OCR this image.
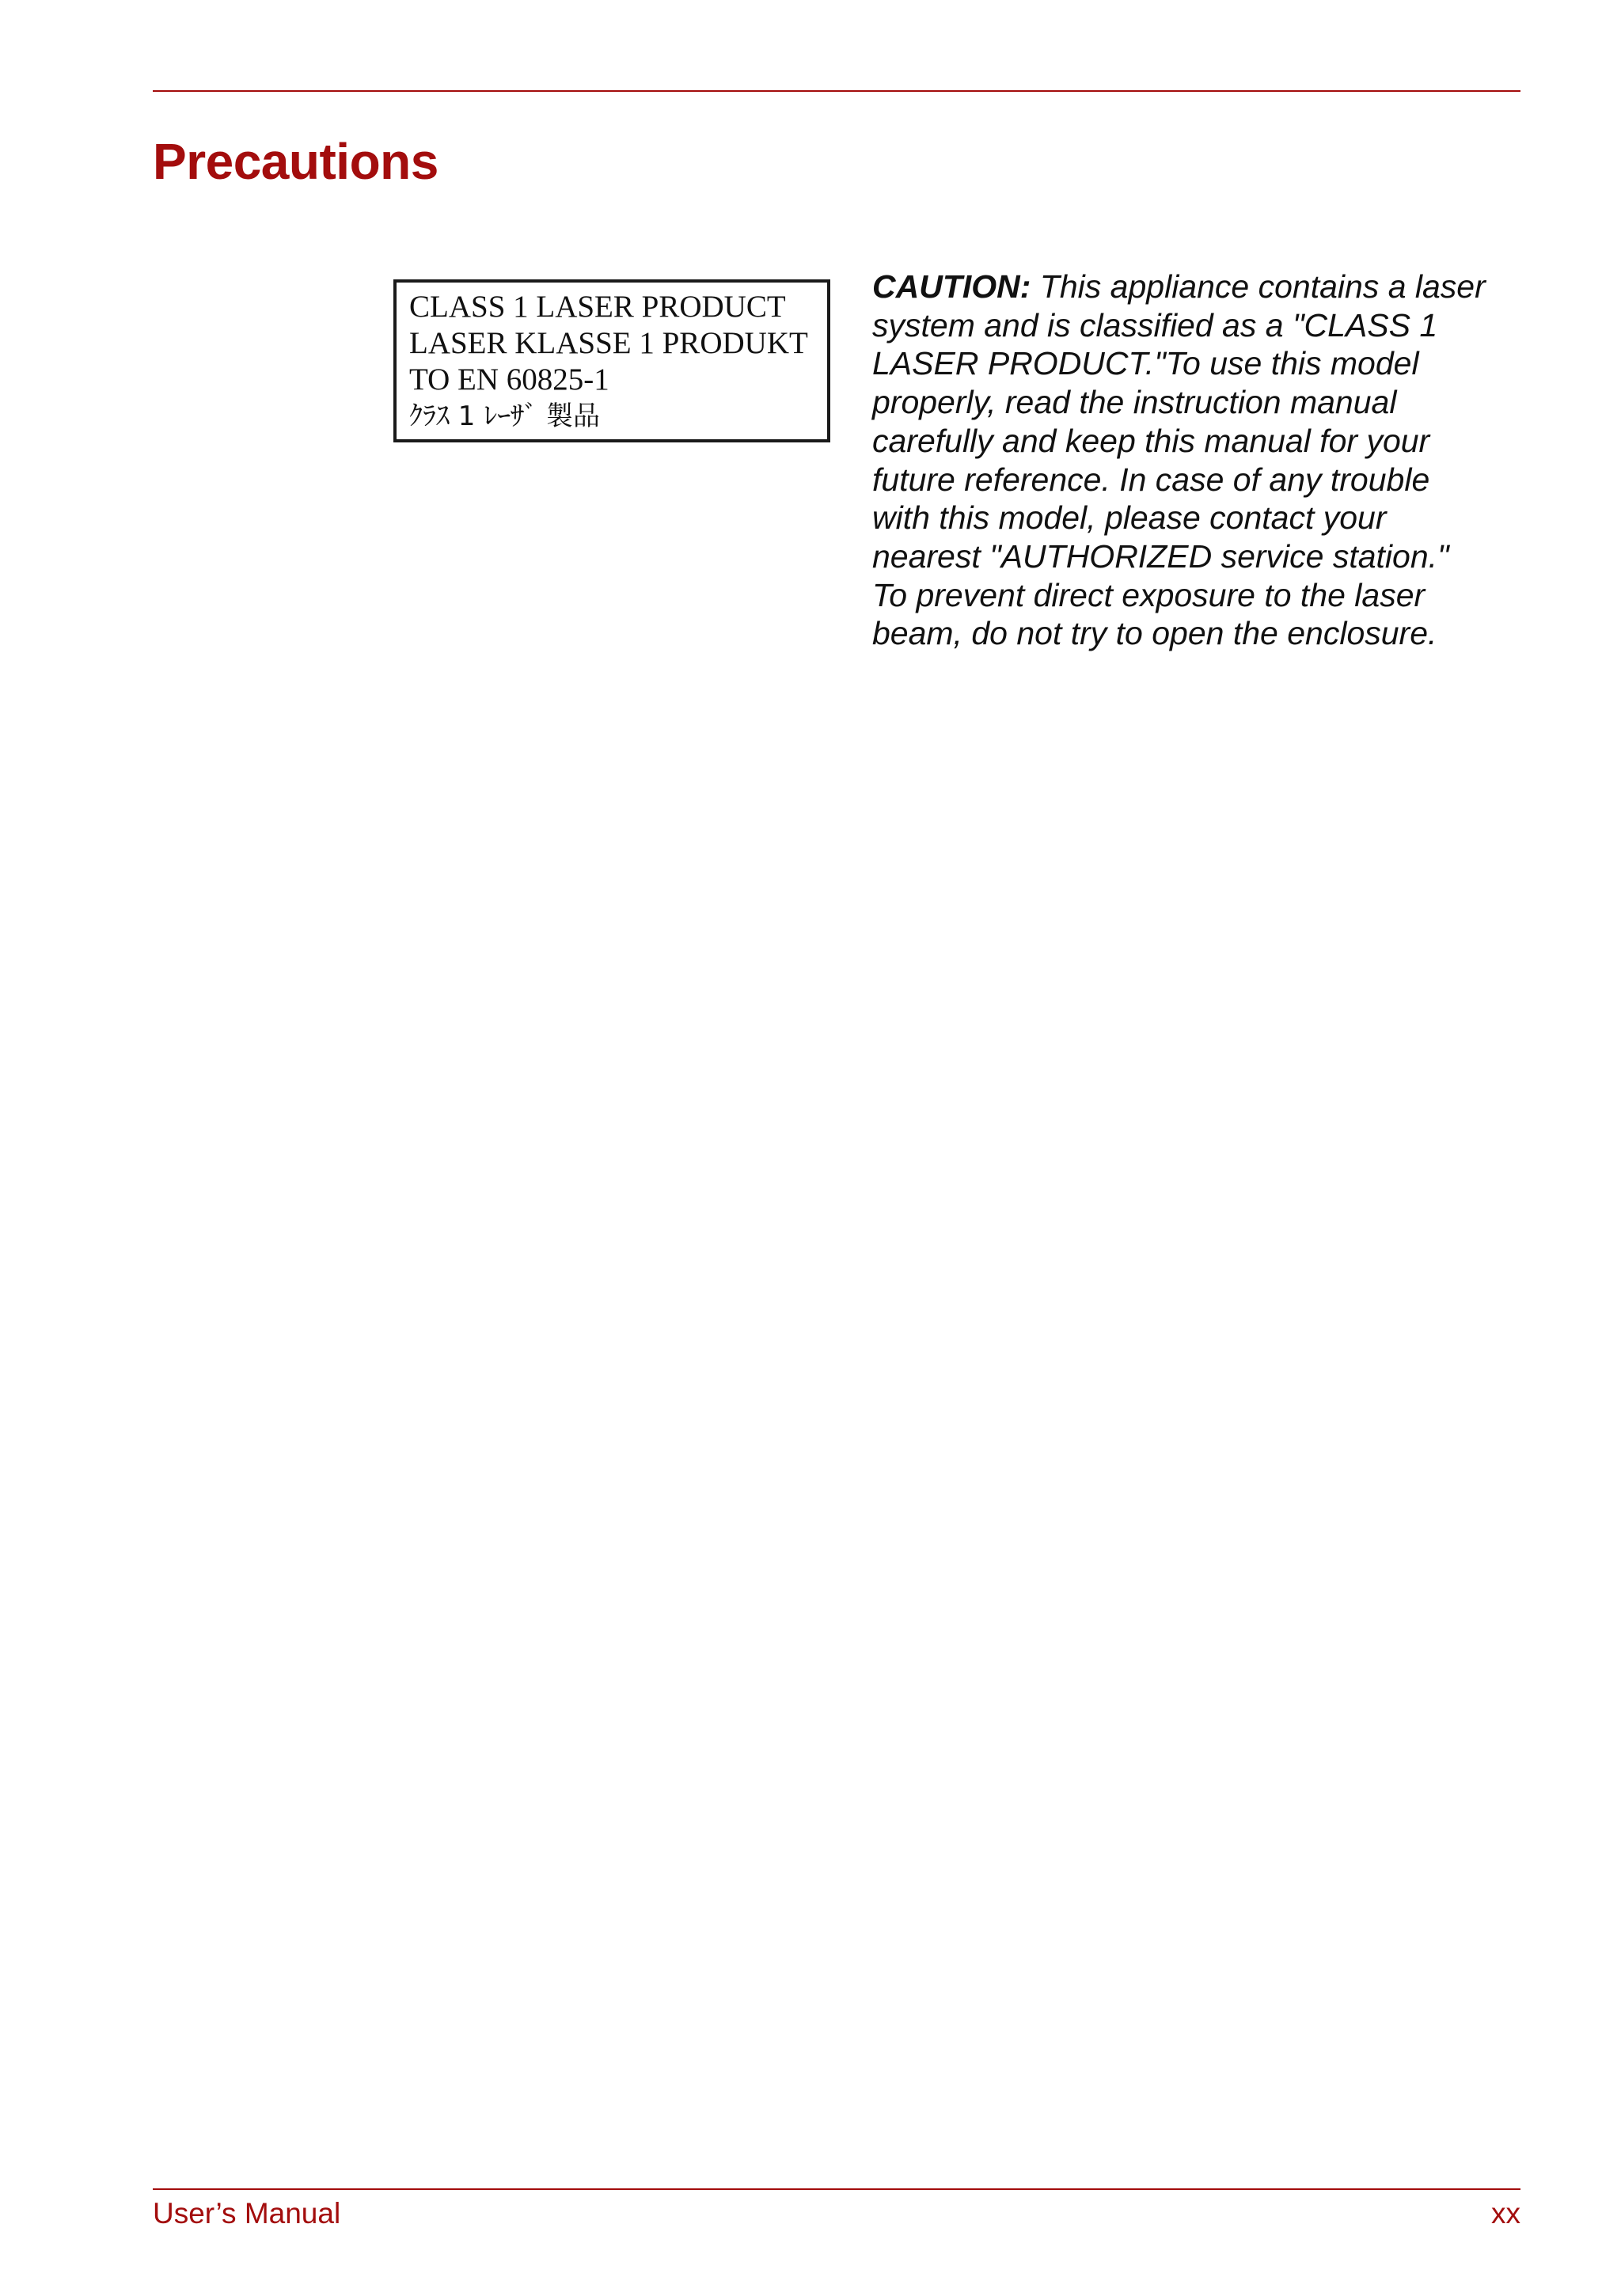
Precautions
CLASS 1 LASER PRODUCT
LASER KLASSE 1 PRODUKT
TO EN 60825-1
ｸﾗｽ 1 ﾚｰｻﾞ 製品

CAUTION: This appliance contains a laser system and is classified as a "CLASS 1 LASER PRODUCT."To use this model properly, read the instruction manual carefully and keep this manual for your future reference. In case of any trouble with this model, please contact your nearest "AUTHORIZED service station." To prevent direct exposure to the laser beam, do not try to open the enclosure.

User’s Manual	xx
